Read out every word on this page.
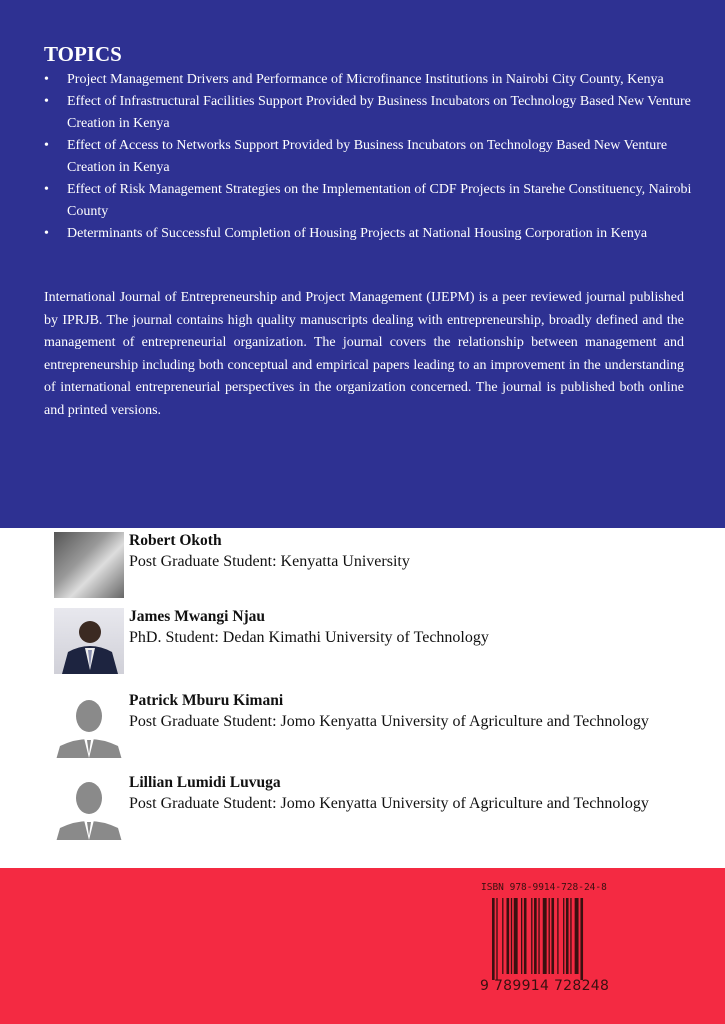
TOPICS
• Project Management Drivers and Performance of Microfinance Institutions in Nairobi City County, Kenya
• Effect of Infrastructural Facilities Support Provided by Business Incubators on Technology Based New Venture Creation in Kenya
• Effect of Access to Networks Support Provided by Business Incubators on Technology Based New Venture Creation in Kenya
• Effect of Risk Management Strategies on the Implementation of CDF Projects in Starehe Constituency, Nairobi County
• Determinants of Successful Completion of Housing Projects at National Housing Corporation in Kenya

International Journal of Entrepreneurship and Project Management (IJEPM) is a peer reviewed journal published by IPRJB. The journal contains high quality manuscripts dealing with entrepreneurship, broadly defined and the management of entrepreneurial organization. The journal covers the relationship between management and entrepreneurship including both conceptual and empirical papers leading to an improvement in the understanding of international entrepreneurial perspectives in the organization concerned. The journal is published both online and printed versions.

Robert Okoth
Post Graduate Student: Kenyatta University
James Mwangi Njau
PhD. Student: Dedan Kimathi University of Technology
Patrick Mburu Kimani
Post Graduate Student: Jomo Kenyatta University of Agriculture and Technology
Lillian Lumidi Luvuga
Post Graduate Student: Jomo Kenyatta University of Agriculture and Technology
ISBN 978-9914-728-24-8
9 789914 728248
